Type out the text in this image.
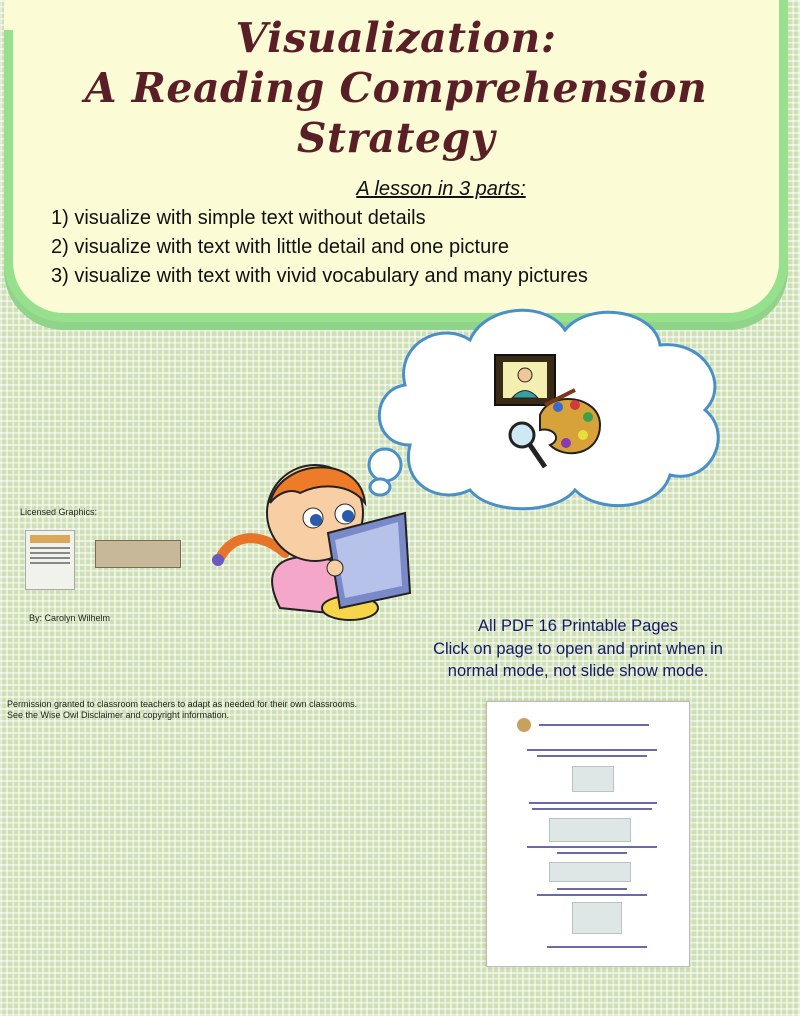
Visualization:
A Reading Comprehension
Strategy
A lesson in 3 parts:
1) visualize with simple text without details
2) visualize with text with little detail and one picture
3) visualize with text with vivid vocabulary and many pictures
Licensed Graphics:
By: Carolyn Wilhelm
Permission granted to classroom teachers to adapt as needed for their own classrooms.
See the Wise Owl Disclaimer and copyright information.
All PDF 16 Printable Pages
Click on page to open and print when in
normal mode, not slide show mode.
